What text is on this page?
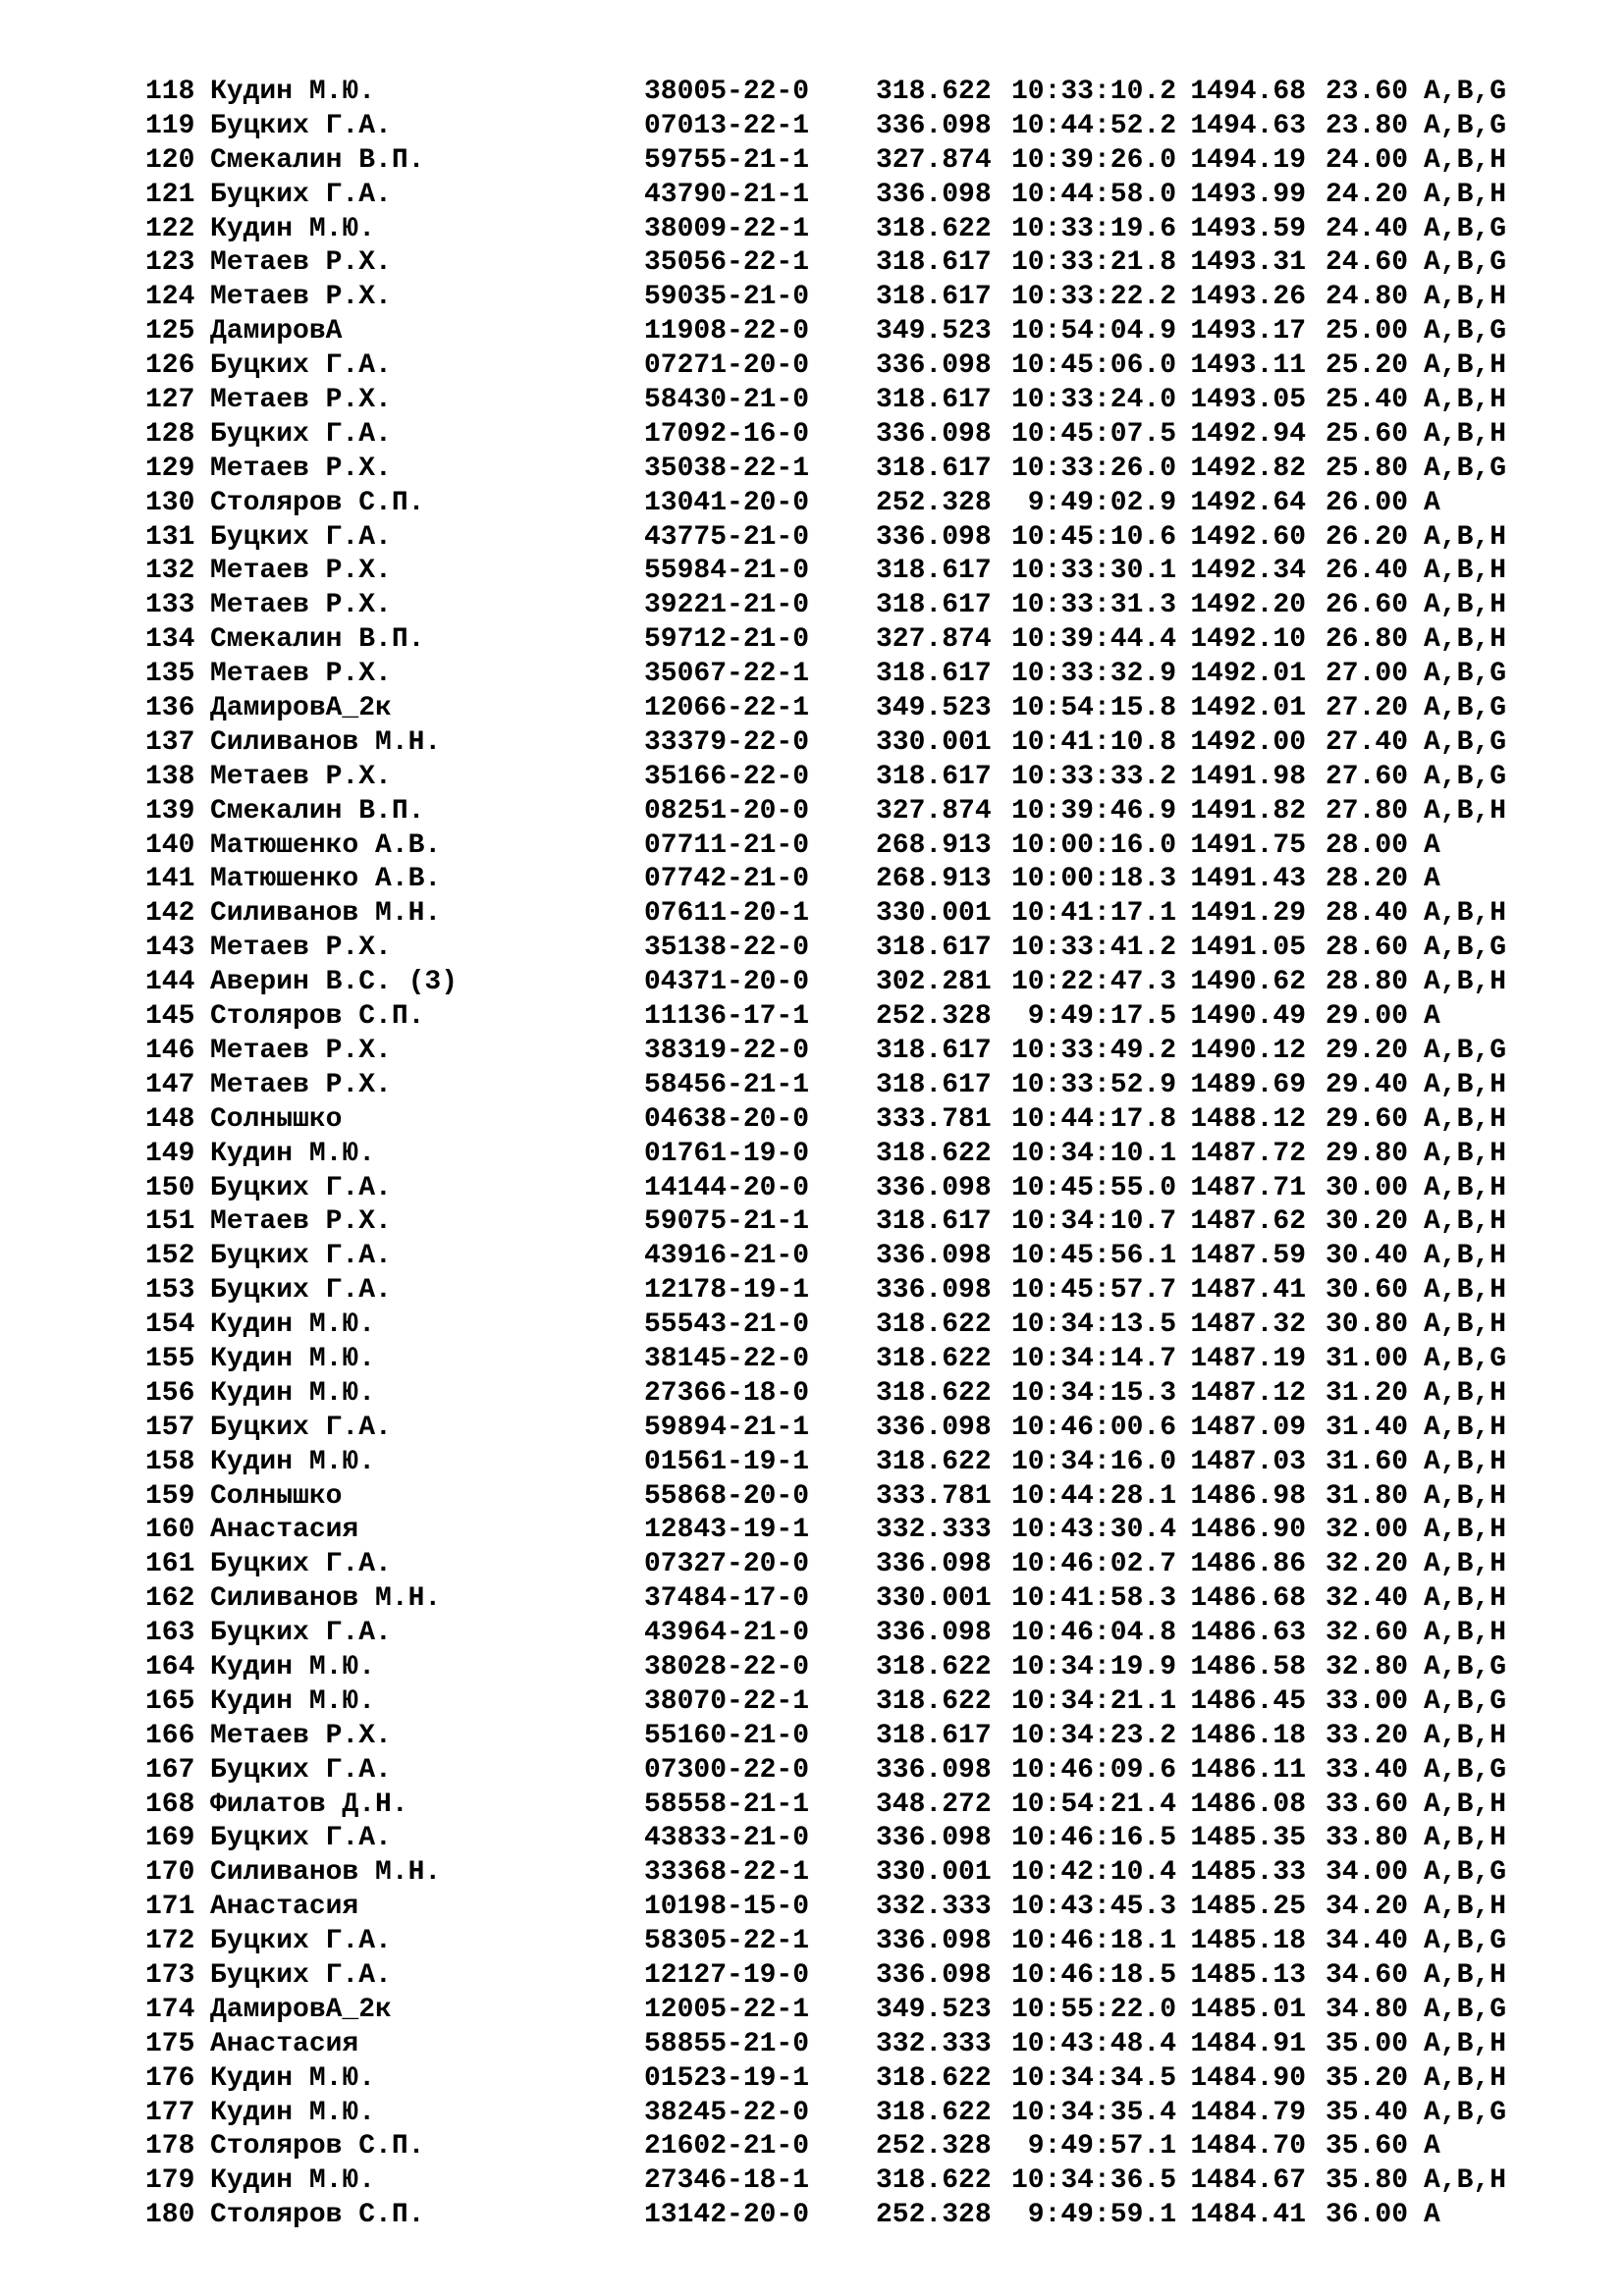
118 Кудин М.Ю.	38005-22-0 318.622 10:33:10.2 1494.68 23.60 A,B,G
119 Буцких Г.А.	07013-22-1 336.098 10:44:52.2 1494.63 23.80 A,B,G
120 Смекалин В.П.	59755-21-1 327.874 10:39:26.0 1494.19 24.00 A,B,H
121 Буцких Г.А.	43790-21-1 336.098 10:44:58.0 1493.99 24.20 A,B,H
122 Кудин М.Ю.	38009-22-1 318.622 10:33:19.6 1493.59 24.40 A,B,G
123 Метаев Р.Х.	35056-22-1 318.617 10:33:21.8 1493.31 24.60 A,B,G
124 Метаев Р.Х.	59035-21-0 318.617 10:33:22.2 1493.26 24.80 A,B,H
125 ДамировА	11908-22-0 349.523 10:54:04.9 1493.17 25.00 A,B,G
126 Буцких Г.А.	07271-20-0 336.098 10:45:06.0 1493.11 25.20 A,B,H
127 Метаев Р.Х.	58430-21-0 318.617 10:33:24.0 1493.05 25.40 A,B,H
128 Буцких Г.А.	17092-16-0 336.098 10:45:07.5 1492.94 25.60 A,B,H
129 Метаев Р.Х.	35038-22-1 318.617 10:33:26.0 1492.82 25.80 A,B,G
130 Столяров С.П.	13041-20-0 252.328 9:49:02.9 1492.64 26.00 A
131 Буцких Г.А.	43775-21-0 336.098 10:45:10.6 1492.60 26.20 A,B,H
132 Метаев Р.Х.	55984-21-0 318.617 10:33:30.1 1492.34 26.40 A,B,H
133 Метаев Р.Х.	39221-21-0 318.617 10:33:31.3 1492.20 26.60 A,B,H
134 Смекалин В.П.	59712-21-0 327.874 10:39:44.4 1492.10 26.80 A,B,H
135 Метаев Р.Х.	35067-22-1 318.617 10:33:32.9 1492.01 27.00 A,B,G
136 ДамировА_2к	12066-22-1 349.523 10:54:15.8 1492.01 27.20 A,B,G
137 Силиванов М.Н.	33379-22-0 330.001 10:41:10.8 1492.00 27.40 A,B,G
138 Метаев Р.Х.	35166-22-0 318.617 10:33:33.2 1491.98 27.60 A,B,G
139 Смекалин В.П.	08251-20-0 327.874 10:39:46.9 1491.82 27.80 A,B,H
140 Матюшенко А.В.	07711-21-0 268.913 10:00:16.0 1491.75 28.00 A
141 Матюшенко А.В.	07742-21-0 268.913 10:00:18.3 1491.43 28.20 A
142 Силиванов М.Н.	07611-20-1 330.001 10:41:17.1 1491.29 28.40 A,B,H
143 Метаев Р.Х.	35138-22-0 318.617 10:33:41.2 1491.05 28.60 A,B,G
144 Аверин В.С. (3)	04371-20-0 302.281 10:22:47.3 1490.62 28.80 A,B,H
145 Столяров С.П.	11136-17-1 252.328 9:49:17.5 1490.49 29.00 A
146 Метаев Р.Х.	38319-22-0 318.617 10:33:49.2 1490.12 29.20 A,B,G
147 Метаев Р.Х.	58456-21-1 318.617 10:33:52.9 1489.69 29.40 A,B,H
148 Солнышко	04638-20-0 333.781 10:44:17.8 1488.12 29.60 A,B,H
149 Кудин М.Ю.	01761-19-0 318.622 10:34:10.1 1487.72 29.80 A,B,H
150 Буцких Г.А.	14144-20-0 336.098 10:45:55.0 1487.71 30.00 A,B,H
151 Метаев Р.Х.	59075-21-1 318.617 10:34:10.7 1487.62 30.20 A,B,H
152 Буцких Г.А.	43916-21-0 336.098 10:45:56.1 1487.59 30.40 A,B,H
153 Буцких Г.А.	12178-19-1 336.098 10:45:57.7 1487.41 30.60 A,B,H
154 Кудин М.Ю.	55543-21-0 318.622 10:34:13.5 1487.32 30.80 A,B,H
155 Кудин М.Ю.	38145-22-0 318.622 10:34:14.7 1487.19 31.00 A,B,G
156 Кудин М.Ю.	27366-18-0 318.622 10:34:15.3 1487.12 31.20 A,B,H
157 Буцких Г.А.	59894-21-1 336.098 10:46:00.6 1487.09 31.40 A,B,H
158 Кудин М.Ю.	01561-19-1 318.622 10:34:16.0 1487.03 31.60 A,B,H
159 Солнышко	55868-20-0 333.781 10:44:28.1 1486.98 31.80 A,B,H
160 Анастасия	12843-19-1 332.333 10:43:30.4 1486.90 32.00 A,B,H
161 Буцких Г.А.	07327-20-0 336.098 10:46:02.7 1486.86 32.20 A,B,H
162 Силиванов М.Н.	37484-17-0 330.001 10:41:58.3 1486.68 32.40 A,B,H
163 Буцких Г.А.	43964-21-0 336.098 10:46:04.8 1486.63 32.60 A,B,H
164 Кудин М.Ю.	38028-22-0 318.622 10:34:19.9 1486.58 32.80 A,B,G
165 Кудин М.Ю.	38070-22-1 318.622 10:34:21.1 1486.45 33.00 A,B,G
166 Метаев Р.Х.	55160-21-0 318.617 10:34:23.2 1486.18 33.20 A,B,H
167 Буцких Г.А.	07300-22-0 336.098 10:46:09.6 1486.11 33.40 A,B,G
168 Филатов Д.Н.	58558-21-1 348.272 10:54:21.4 1486.08 33.60 A,B,H
169 Буцких Г.А.	43833-21-0 336.098 10:46:16.5 1485.35 33.80 A,B,H
170 Силиванов М.Н.	33368-22-1 330.001 10:42:10.4 1485.33 34.00 A,B,G
171 Анастасия	10198-15-0 332.333 10:43:45.3 1485.25 34.20 A,B,H
172 Буцких Г.А.	58305-22-1 336.098 10:46:18.1 1485.18 34.40 A,B,G
173 Буцких Г.А.	12127-19-0 336.098 10:46:18.5 1485.13 34.60 A,B,H
174 ДамировА_2к	12005-22-1 349.523 10:55:22.0 1485.01 34.80 A,B,G
175 Анастасия	58855-21-0 332.333 10:43:48.4 1484.91 35.00 A,B,H
176 Кудин М.Ю.	01523-19-1 318.622 10:34:34.5 1484.90 35.20 A,B,H
177 Кудин М.Ю.	38245-22-0 318.622 10:34:35.4 1484.79 35.40 A,B,G
178 Столяров С.П.	21602-21-0 252.328 9:49:57.1 1484.70 35.60 A
179 Кудин М.Ю.	27346-18-1 318.622 10:34:36.5 1484.67 35.80 A,B,H
180 Столяров С.П.	13142-20-0 252.328 9:49:59.1 1484.41 36.00 A
